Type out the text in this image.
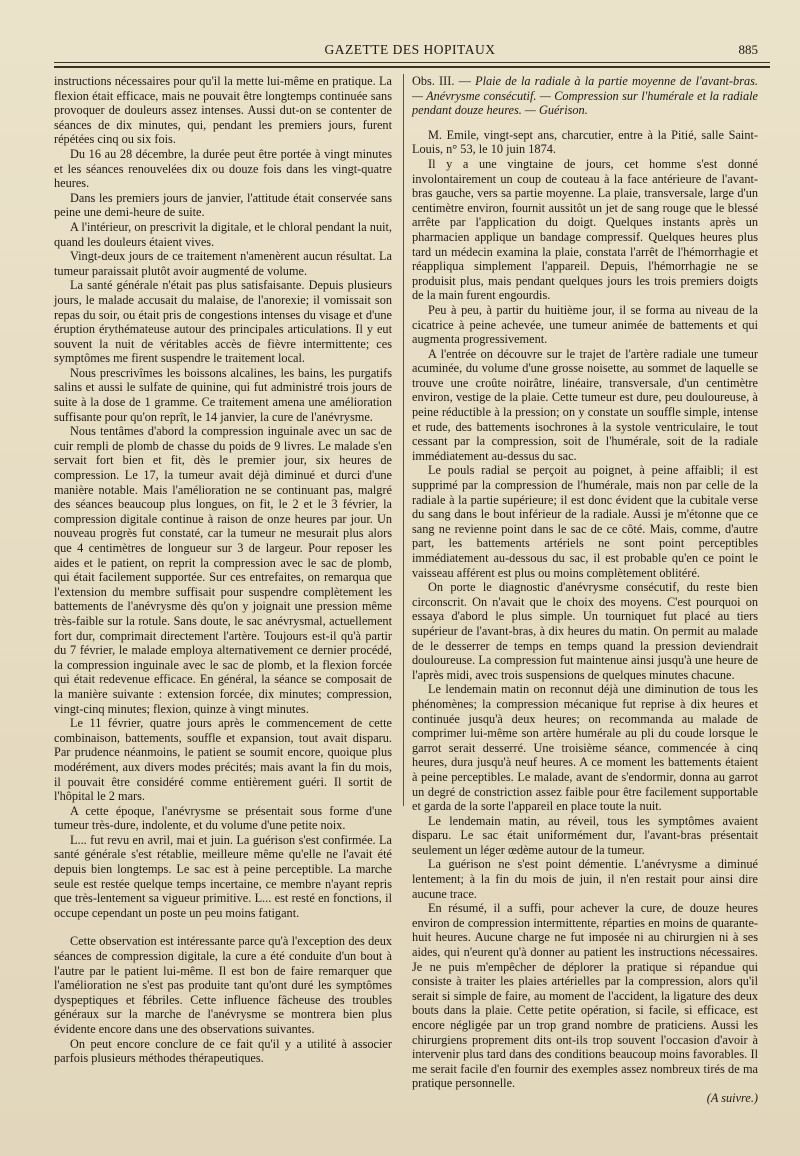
GAZETTE DES HOPITAUX	885

instructions nécessaires pour qu'il la mette lui-même en pratique. La flexion était efficace, mais ne pouvait être longtemps continuée sans provoquer de douleurs assez intenses. Aussi dut-on se contenter de séances de dix minutes, qui, pendant les premiers jours, furent répétées cinq ou six fois.

Du 16 au 28 décembre, la durée peut être portée à vingt minutes et les séances renouvelées dix ou douze fois dans les vingt-quatre heures.

Dans les premiers jours de janvier, l'attitude était conservée sans peine une demi-heure de suite.

A l'intérieur, on prescrivit la digitale, et le chloral pendant la nuit, quand les douleurs étaient vives.

Vingt-deux jours de ce traitement n'amenèrent aucun résultat. La tumeur paraissait plutôt avoir augmenté de volume.

La santé générale n'était pas plus satisfaisante. Depuis plusieurs jours, le malade accusait du malaise, de l'anorexie; il vomissait son repas du soir, ou était pris de congestions intenses du visage et d'une éruption érythémateuse autour des principales articulations. Il y eut souvent la nuit de véritables accès de fièvre intermittente; ces symptômes me firent suspendre le traitement local.

Nous prescrivîmes les boissons alcalines, les bains, les purgatifs salins et aussi le sulfate de quinine, qui fut administré trois jours de suite à la dose de 1 gramme. Ce traitement amena une amélioration suffisante pour qu'on reprît, le 14 janvier, la cure de l'anévrysme.

Nous tentâmes d'abord la compression inguinale avec un sac de cuir rempli de plomb de chasse du poids de 9 livres. Le malade s'en servait fort bien et fit, dès le premier jour, six heures de compression. Le 17, la tumeur avait déjà diminué et durci d'une manière notable. Mais l'amélioration ne se continuant pas, malgré des séances beaucoup plus longues, on fit, le 2 et le 3 février, la compression digitale continue à raison de onze heures par jour. Un nouveau progrès fut constaté, car la tumeur ne mesurait plus alors que 4 centimètres de longueur sur 3 de largeur. Pour reposer les aides et le patient, on reprit la compression avec le sac de plomb, qui était facilement supportée. Sur ces entrefaites, on remarqua que l'extension du membre suffisait pour suspendre complètement les battements de l'anévrysme dès qu'on y joignait une pression même très-faible sur la rotule. Sans doute, le sac anévrysmal, actuellement fort dur, comprimait directement l'artère. Toujours est-il qu'à partir du 7 février, le malade employa alternativement ce dernier procédé, la compression inguinale avec le sac de plomb, et la flexion forcée qui était redevenue efficace. En général, la séance se composait de la manière suivante : extension forcée, dix minutes; compression, vingt-cinq minutes; flexion, quinze à vingt minutes.

Le 11 février, quatre jours après le commencement de cette combinaison, battements, souffle et expansion, tout avait disparu. Par prudence néanmoins, le patient se soumit encore, quoique plus modérément, aux divers modes précités; mais avant la fin du mois, il pouvait être considéré comme entièrement guéri. Il sortit de l'hôpital le 2 mars.

A cette époque, l'anévrysme se présentait sous forme d'une tumeur très-dure, indolente, et du volume d'une petite noix.

L... fut revu en avril, mai et juin. La guérison s'est confirmée. La santé générale s'est rétablie, meilleure même qu'elle ne l'avait été depuis bien longtemps. Le sac est à peine perceptible. La marche seule est restée quelque temps incertaine, ce membre n'ayant repris que très-lentement sa vigueur primitive. L... est resté en fonctions, il occupe cependant un poste un peu moins fatigant.

Cette observation est intéressante parce qu'à l'exception des deux séances de compression digitale, la cure a été conduite d'un bout à l'autre par le patient lui-même. Il est bon de faire remarquer que l'amélioration ne s'est pas produite tant qu'ont duré les symptômes dyspeptiques et fébriles. Cette influence fâcheuse des troubles généraux sur la marche de l'anévrysme se montrera bien plus évidente encore dans une des observations suivantes.

On peut encore conclure de ce fait qu'il y a utilité à associer parfois plusieurs méthodes thérapeutiques.

Obs. III. — Plaie de la radiale à la partie moyenne de l'avant-bras. — Anévrysme consécutif. — Compression sur l'humérale et la radiale pendant douze heures. — Guérison.

M. Emile, vingt-sept ans, charcutier, entre à la Pitié, salle Saint-Louis, n° 53, le 10 juin 1874.

Il y a une vingtaine de jours, cet homme s'est donné involontairement un coup de couteau à la face antérieure de l'avant-bras gauche, vers sa partie moyenne. La plaie, transversale, large d'un centimètre environ, fournit aussitôt un jet de sang rouge que le blessé arrête par l'application du doigt. Quelques instants après un pharmacien applique un bandage compressif. Quelques heures plus tard un médecin examina la plaie, constata l'arrêt de l'hémorrhagie et réappliqua simplement l'appareil. Depuis, l'hémorrhagie ne se produisit plus, mais pendant quelques jours les trois premiers doigts de la main furent engourdis.

Peu à peu, à partir du huitième jour, il se forma au niveau de la cicatrice à peine achevée, une tumeur animée de battements et qui augmenta progressivement.

A l'entrée on découvre sur le trajet de l'artère radiale une tumeur acuminée, du volume d'une grosse noisette, au sommet de laquelle se trouve une croûte noirâtre, linéaire, transversale, d'un centimètre environ, vestige de la plaie. Cette tumeur est dure, peu douloureuse, à peine réductible à la pression; on y constate un souffle simple, intense et rude, des battements isochrones à la systole ventriculaire, le tout cessant par la compression, soit de l'humérale, soit de la radiale immédiatement au-dessus du sac.

Le pouls radial se perçoit au poignet, à peine affaibli; il est supprimé par la compression de l'humérale, mais non par celle de la radiale à la partie supérieure; il est donc évident que la cubitale verse du sang dans le bout inférieur de la radiale. Aussi je m'étonne que ce sang ne revienne point dans le sac de ce côté. Mais, comme, d'autre part, les battements artériels ne sont point perceptibles immédiatement au-dessous du sac, il est probable qu'en ce point le vaisseau afférent est plus ou moins complètement oblitéré.

On porte le diagnostic d'anévrysme consécutif, du reste bien circonscrit. On n'avait que le choix des moyens. C'est pourquoi on essaya d'abord le plus simple. Un tourniquet fut placé au tiers supérieur de l'avant-bras, à dix heures du matin. On permit au malade de le desserrer de temps en temps quand la pression deviendrait douloureuse. La compression fut maintenue ainsi jusqu'à une heure de l'après midi, avec trois suspensions de quelques minutes chacune.

Le lendemain matin on reconnut déjà une diminution de tous les phénomènes; la compression mécanique fut reprise à dix heures et continuée jusqu'à deux heures; on recommanda au malade de comprimer lui-même son artère humérale au pli du coude lorsque le garrot serait desserré. Une troisième séance, commencée à cinq heures, dura jusqu'à neuf heures. A ce moment les battements étaient à peine perceptibles. Le malade, avant de s'endormir, donna au garrot un degré de constriction assez faible pour être facilement supportable et garda de la sorte l'appareil en place toute la nuit.

Le lendemain matin, au réveil, tous les symptômes avaient disparu. Le sac était uniformément dur, l'avant-bras présentait seulement un léger œdème autour de la tumeur.

La guérison ne s'est point démentie. L'anévrysme a diminué lentement; à la fin du mois de juin, il n'en restait pour ainsi dire aucune trace.

En résumé, il a suffi, pour achever la cure, de douze heures environ de compression intermittente, réparties en moins de quarante-huit heures. Aucune charge ne fut imposée ni au chirurgien ni à ses aides, qui n'eurent qu'à donner au patient les instructions nécessaires. Je ne puis m'empêcher de déplorer la pratique si répandue qui consiste à traiter les plaies artérielles par la compression, alors qu'il serait si simple de faire, au moment de l'accident, la ligature des deux bouts dans la plaie. Cette petite opération, si facile, si efficace, est encore négligée par un trop grand nombre de praticiens. Aussi les chirurgiens proprement dits ont-ils trop souvent l'occasion d'avoir à intervenir plus tard dans des conditions beaucoup moins favorables. Il me serait facile d'en fournir des exemples assez nombreux tirés de ma pratique personnelle.

(A suivre.)
